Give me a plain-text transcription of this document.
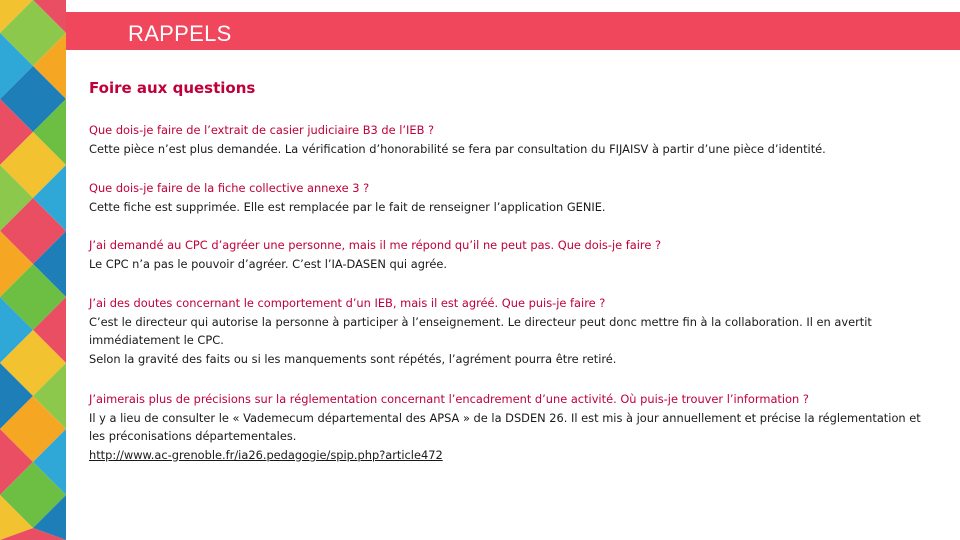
RAPPELS
Foire aux questions

Que dois-je faire de l’extrait de casier judiciaire B3 de l’IEB ?

Cette pièce n’est plus demandée. La vérification d’honorabilité se fera par consultation du FIJAISV à partir d’une pièce d’identité.

Que dois-je faire de la fiche collective annexe 3 ?

Cette fiche est supprimée. Elle est remplacée par le fait de renseigner l’application GENIE.

J’ai demandé au CPC d’agréer une personne, mais il me répond qu’il ne peut pas. Que dois-je faire ?

Le CPC n’a pas le pouvoir d’agréer. C’est l’IA-DASEN qui agrée.

J’ai des doutes concernant le comportement d’un IEB, mais il est agréé. Que puis-je faire ?

C’est le directeur qui autorise la personne à participer à l’enseignement. Le directeur peut donc mettre fin à la collaboration. Il en avertit immédiatement le CPC.

Selon la gravité des faits ou si les manquements sont répétés, l’agrément pourra être retiré.

J’aimerais plus de précisions sur la réglementation concernant l’encadrement d’une activité. Où puis-je trouver l’information ?

Il y a lieu de consulter le « Vademecum départemental des APSA » de la DSDEN 26. Il est mis à jour annuellement et précise la réglementation et les préconisations départementales.

http://www.ac-grenoble.fr/ia26.pedagogie/spip.php?article472
